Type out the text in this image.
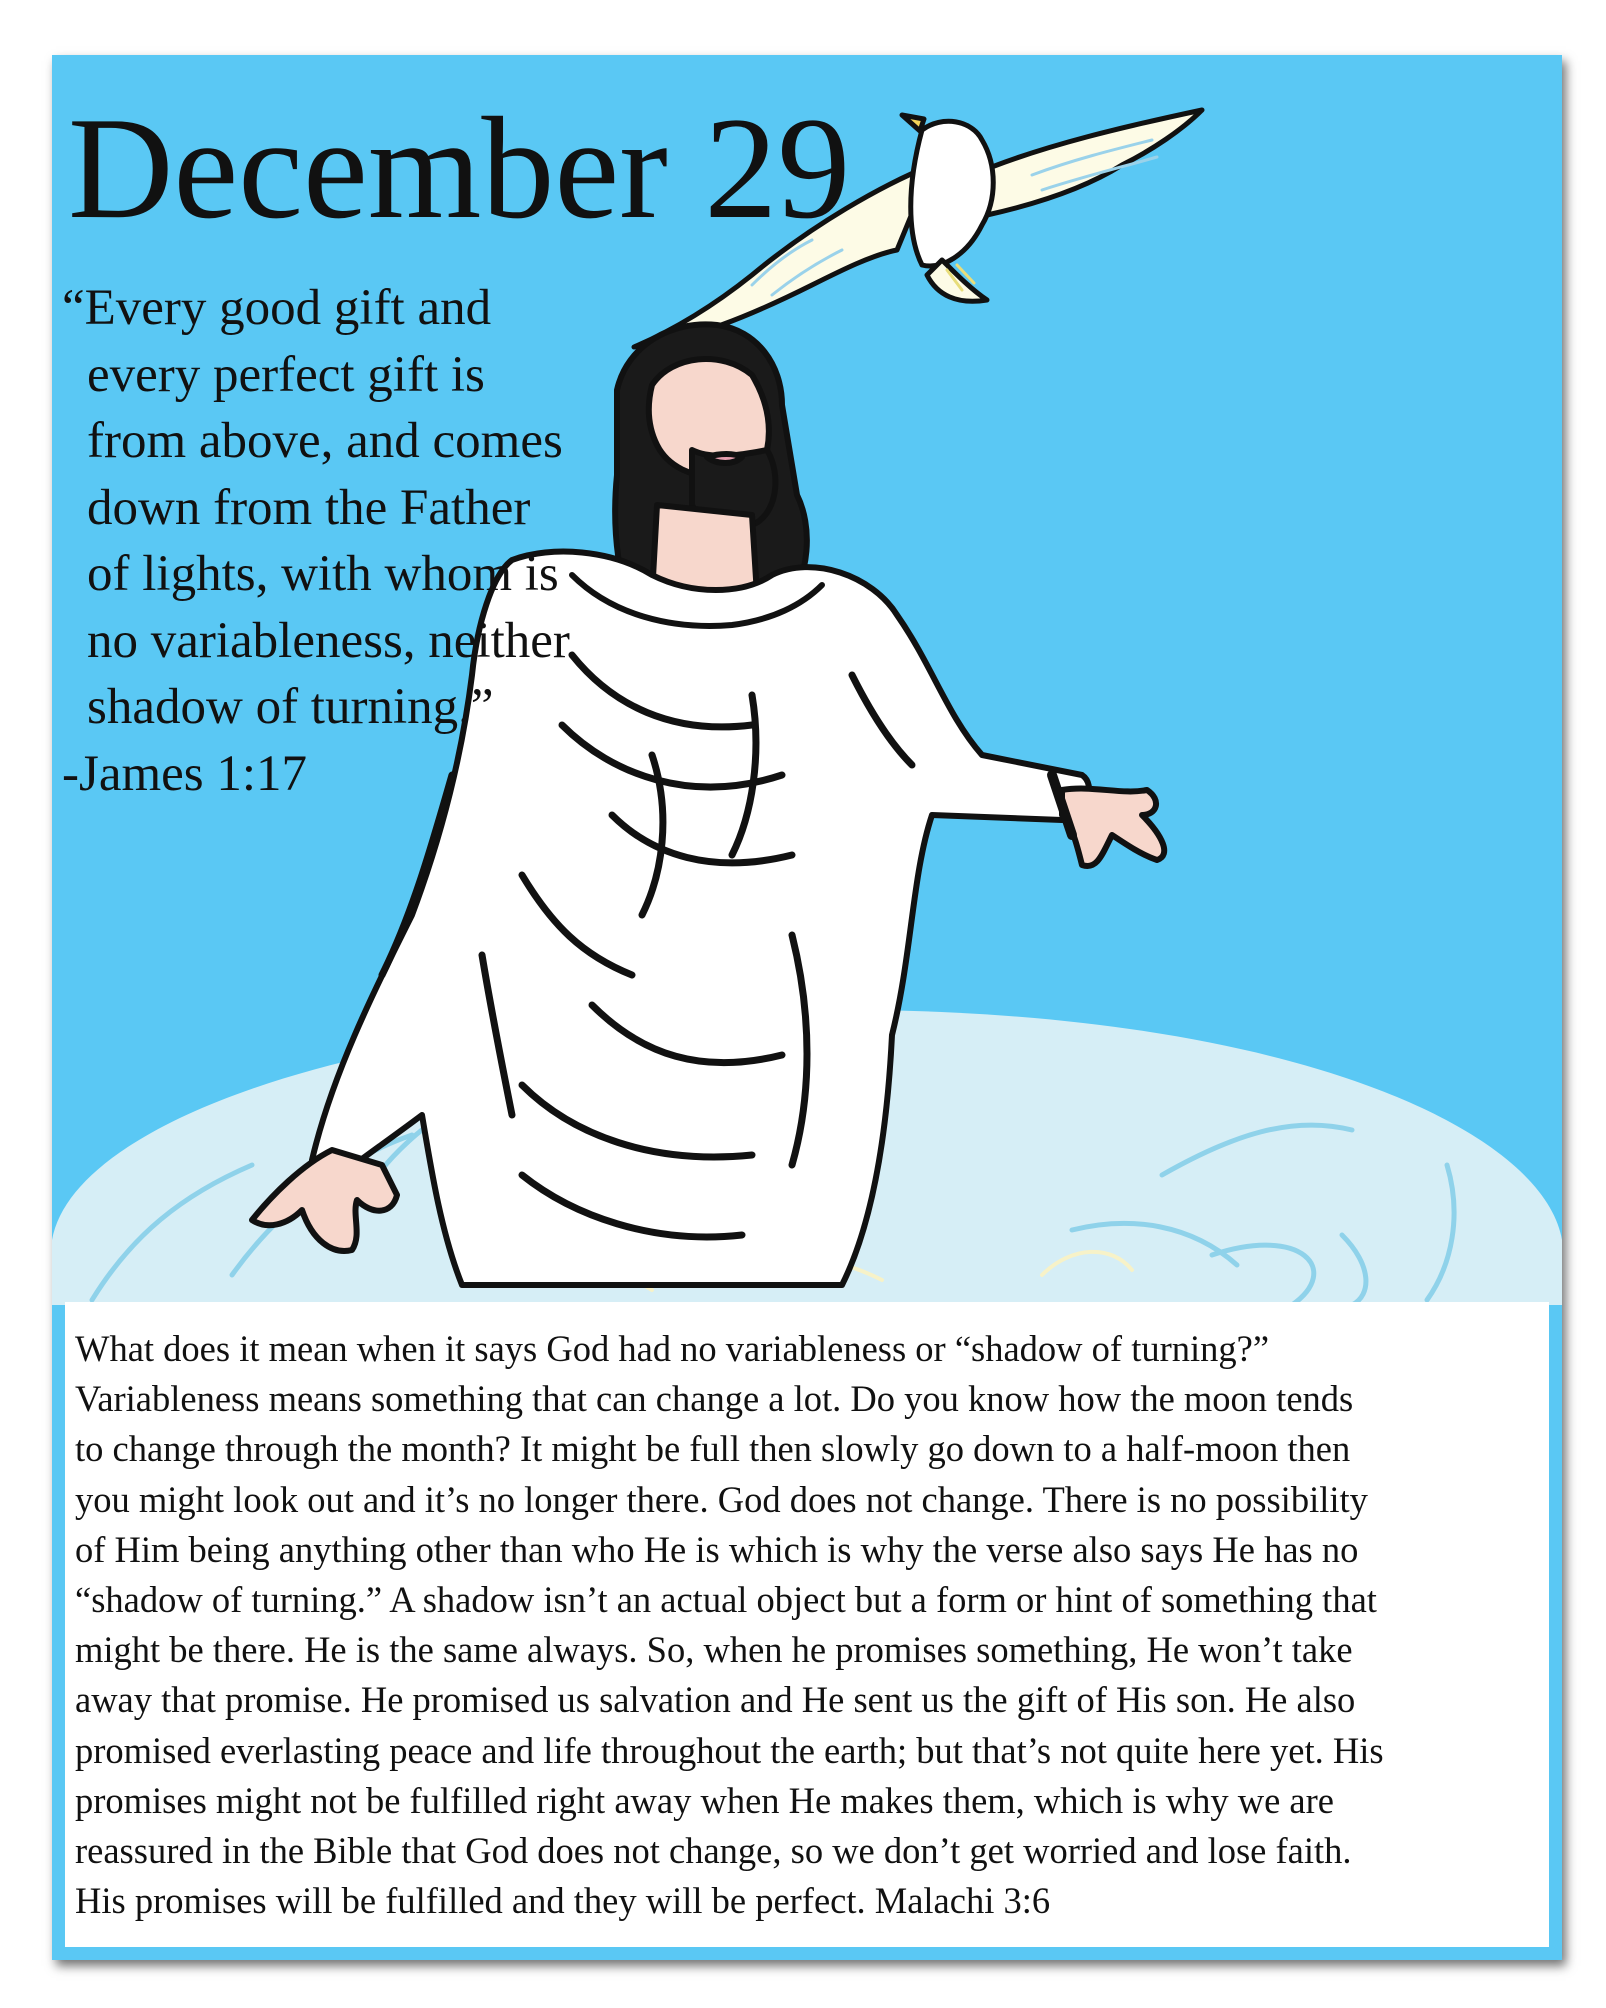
December 29
“Every good gift and
every perfect gift is
from above, and comes
down from the Father
of lights, with whom is
no variableness, neither
shadow of turning.”
-James 1:17

What does it mean when it says God had no variableness or “shadow of turning?”
Variableness means something that can change a lot. Do you know how the moon tends
to change through the month? It might be full then slowly go down to a half-moon then
you might look out and it’s no longer there. God does not change. There is no possibility
of Him being anything other than who He is which is why the verse also says He has no
“shadow of turning.” A shadow isn’t an actual object but a form or hint of something that
might be there. He is the same always. So, when he promises something, He won’t take
away that promise. He promised us salvation and He sent us the gift of His son. He also
promised everlasting peace and life throughout the earth; but that’s not quite here yet. His
promises might not be fulfilled right away when He makes them, which is why we are
reassured in the Bible that God does not change, so we don’t get worried and lose faith.
His promises will be fulfilled and they will be perfect. Malachi 3:6
